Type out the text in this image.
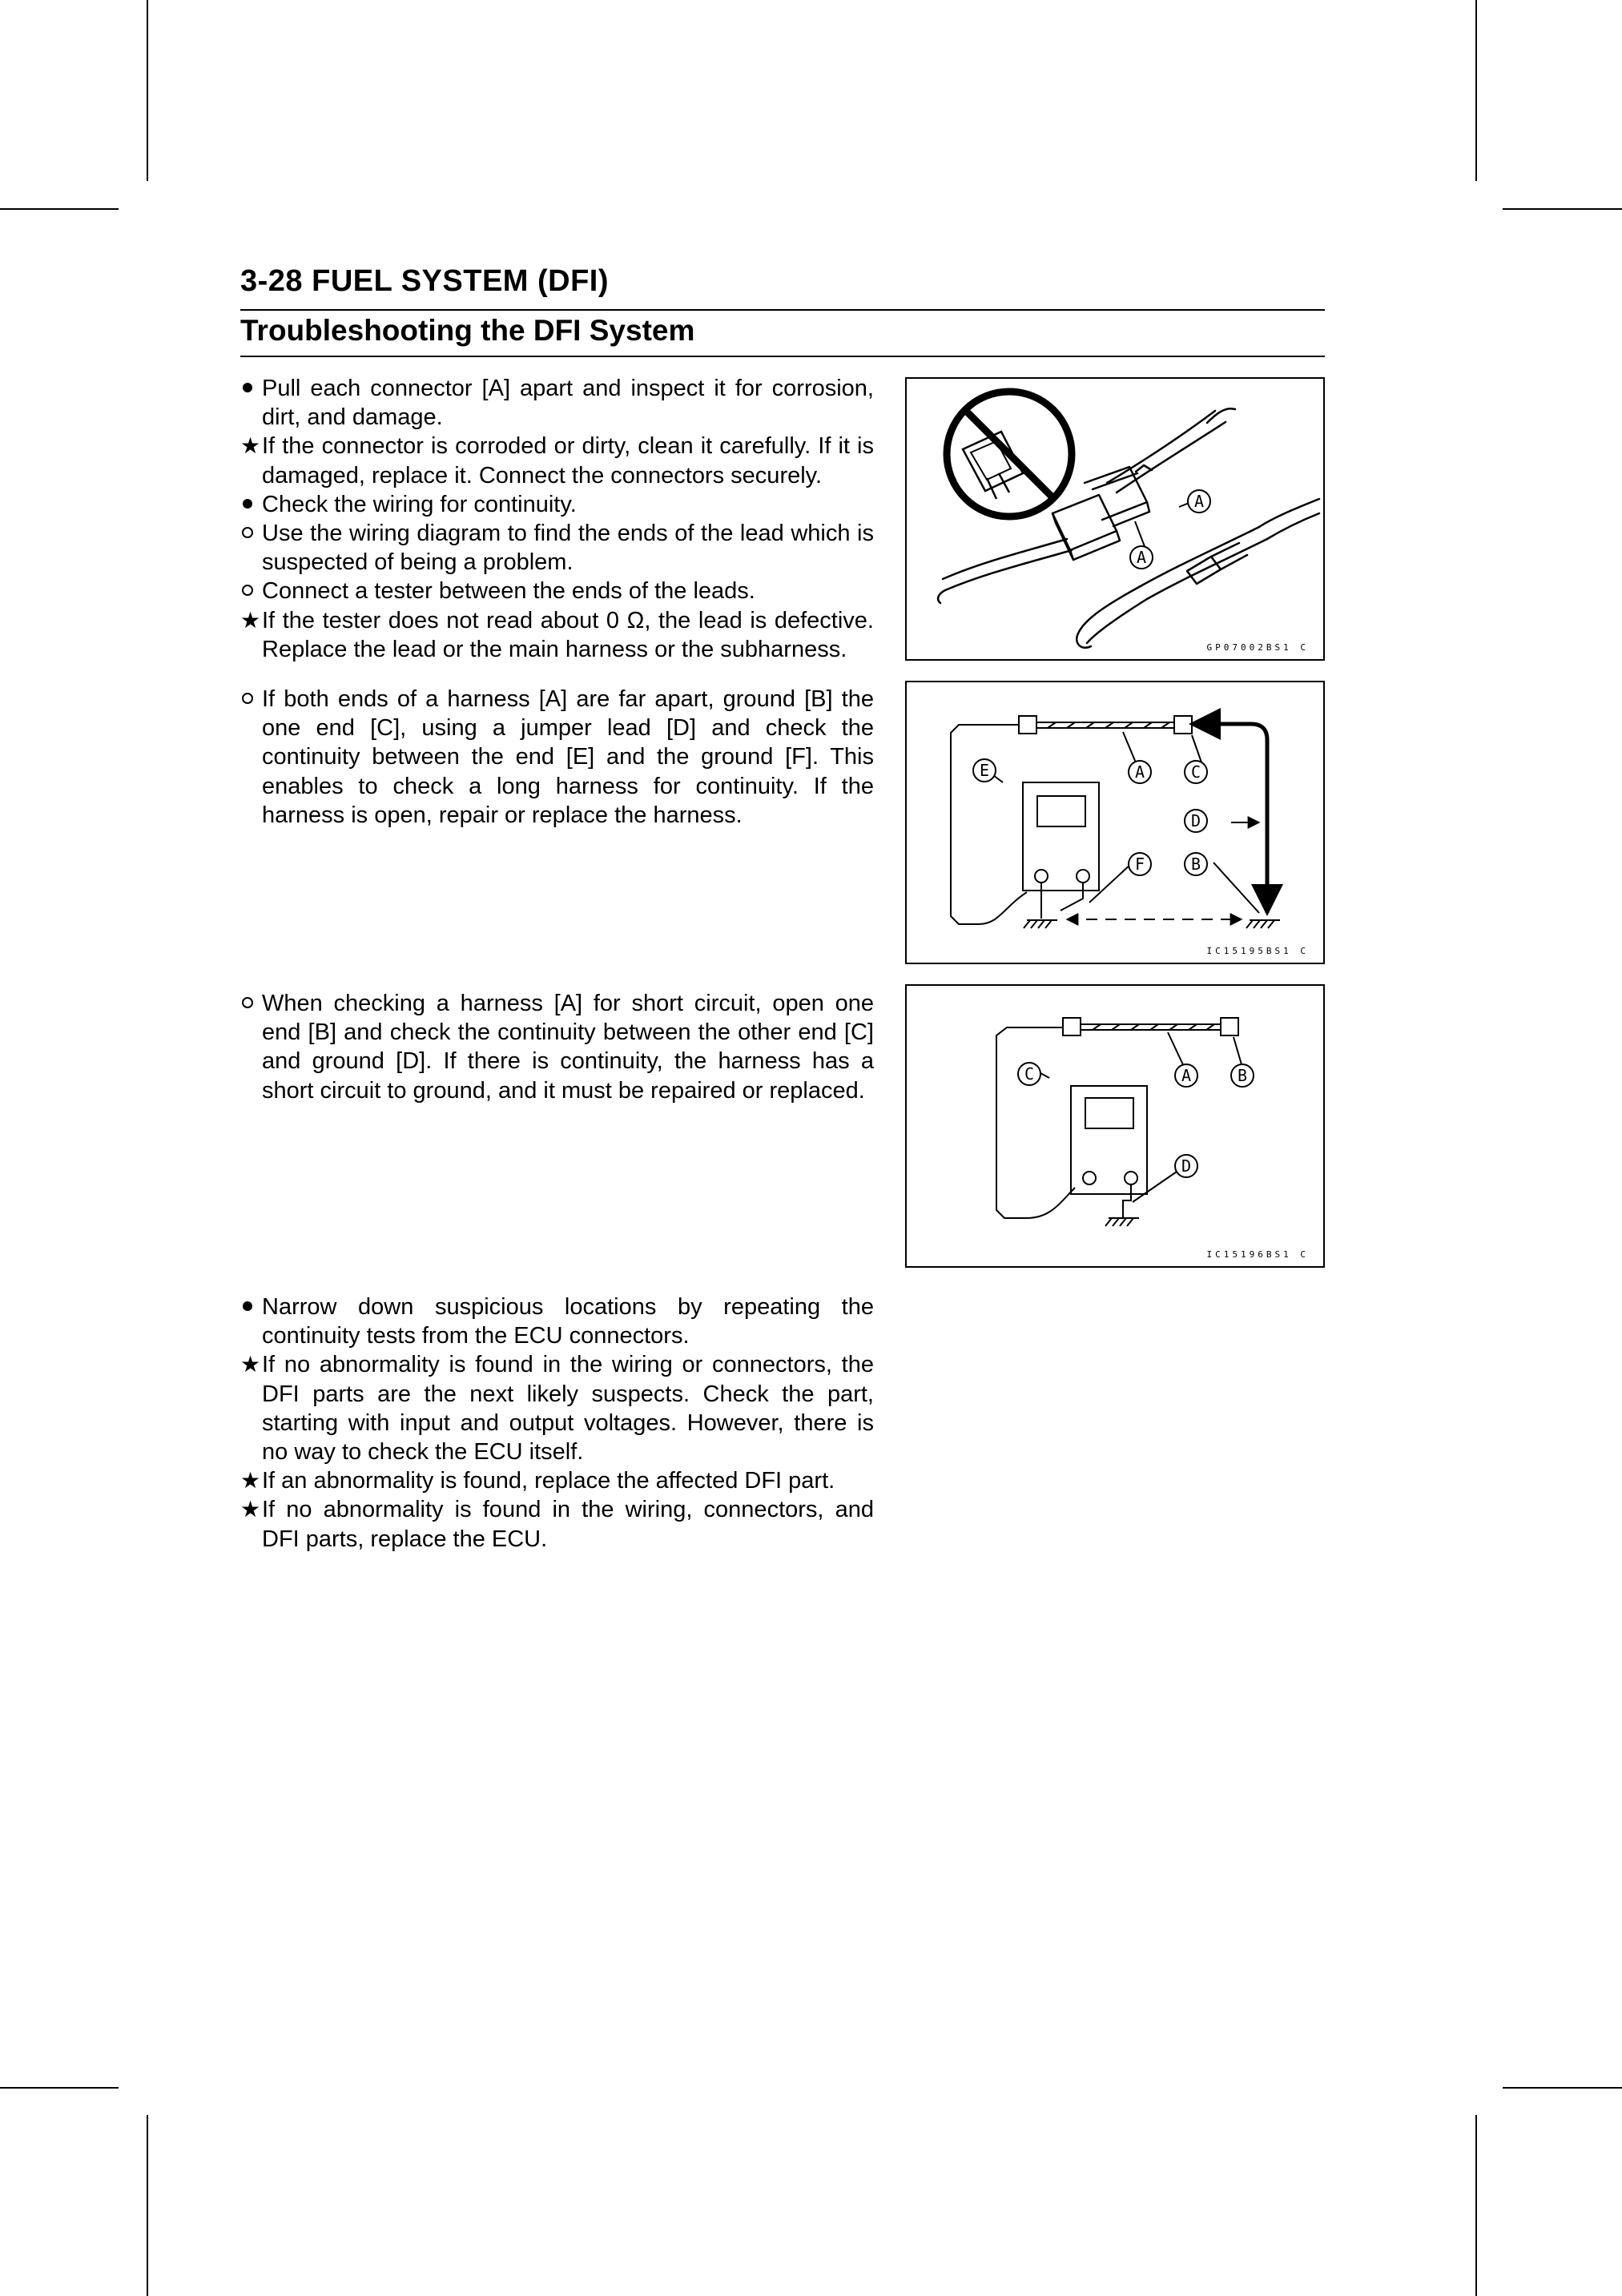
3-28 FUEL SYSTEM (DFI)
Troubleshooting the DFI System
Pull each connector [A] apart and inspect it for corrosion, dirt, and damage.
★ If the connector is corroded or dirty, clean it carefully. If it is damaged, replace it. Connect the connectors securely.
Check the wiring for continuity.
Use the wiring diagram to find the ends of the lead which is suspected of being a problem.
Connect a tester between the ends of the leads.
★ If the tester does not read about 0 Ω, the lead is defective. Replace the lead or the main harness or the subharness.
If both ends of a harness [A] are far apart, ground [B] the one end [C], using a jumper lead [D] and check the continuity between the end [E] and the ground [F]. This enables to check a long harness for continuity. If the harness is open, repair or replace the harness.
When checking a harness [A] for short circuit, open one end [B] and check the continuity between the other end [C] and ground [D]. If there is continuity, the harness has a short circuit to ground, and it must be repaired or replaced.
Narrow down suspicious locations by repeating the continuity tests from the ECU connectors.
★ If no abnormality is found in the wiring or connectors, the DFI parts are the next likely suspects. Check the part, starting with input and output voltages. However, there is no way to check the ECU itself.
★ If an abnormality is found, replace the affected DFI part.
★ If no abnormality is found in the wiring, connectors, and DFI parts, replace the ECU.
A
A
GP07002BS1 C
E	A	C
D
F	B
IC15195BS1 C
C	A	B
D
IC15196BS1 C
